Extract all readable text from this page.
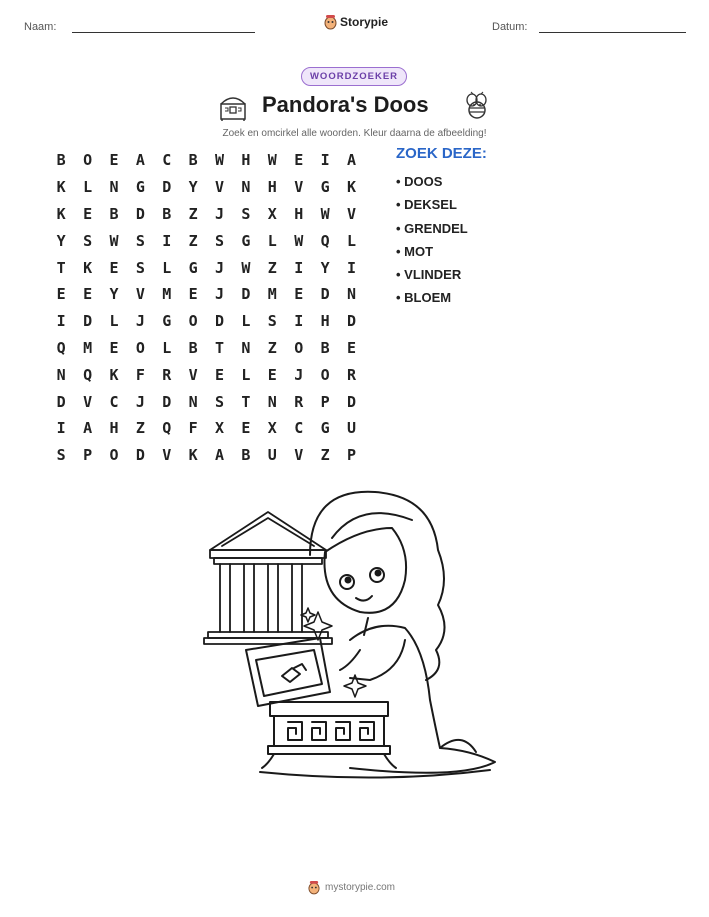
Naam:	Storypie	Datum:
WOORDZOEKER
Pandora's Doos
Zoek en omcirkel alle woorden. Kleur daarna de afbeelding!
B	O	E	A	C	B	W	H	W	E	I	A
K	L	N	G	D	Y	V	N	H	V	G	K
K	E	B	D	B	Z	J	S	X	H	W	V
Y	S	W	S	I	Z	S	G	L	W	Q	L
T	K	E	S	L	G	J	W	Z	I	Y	I
E	E	Y	V	M	E	J	D	M	E	D	N
I	D	L	J	G	O	D	L	S	I	H	D
Q	M	E	O	L	B	T	N	Z	O	B	E
N	Q	K	F	R	V	E	L	E	J	O	R
D	V	C	J	D	N	S	T	N	R	P	D
I	A	H	Z	Q	F	X	E	X	C	G	U
S	P	O	D	V	K	A	B	U	V	Z	P
ZOEK DEZE:
• DOOS
• DEKSEL
• GRENDEL
• MOT
• VLINDER
• BLOEM
mystorypie.com
